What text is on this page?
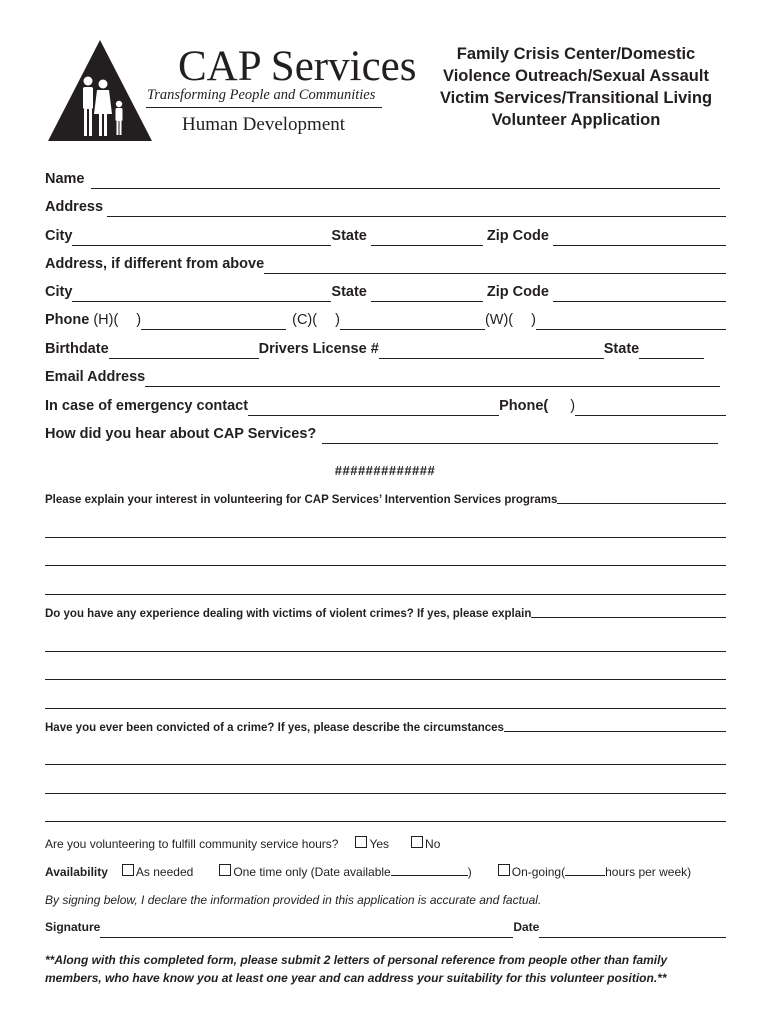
CAP Services
Transforming People and Communities
Human Development
Family Crisis Center/Domestic
Violence Outreach/Sexual Assault
Victim Services/Transitional Living
Volunteer Application
Name
Address
City	State	Zip Code
Address, if different from above
City	State	Zip Code
Phone (H)( )	(C)( )	(W)( )
Birthdate	Drivers License #	State
Email Address
In case of emergency contact	Phone( )
How did you hear about CAP Services?
#############
Please explain your interest in volunteering for CAP Services’ Intervention Services programs
Do you have any experience dealing with victims of violent crimes? If yes, please explain
Have you ever been convicted of a crime? If yes, please describe the circumstances
Are you volunteering to fulfill community service hours?	Yes	No
Availability As needed	One time only (Date available	)	On-going(	hours per week)
By signing below, I declare the information provided in this application is accurate and factual.
Signature	Date
**Along with this completed form, please submit 2 letters of personal reference from people other than family
members, who have know you at least one year and can address your suitability for this volunteer position.**
